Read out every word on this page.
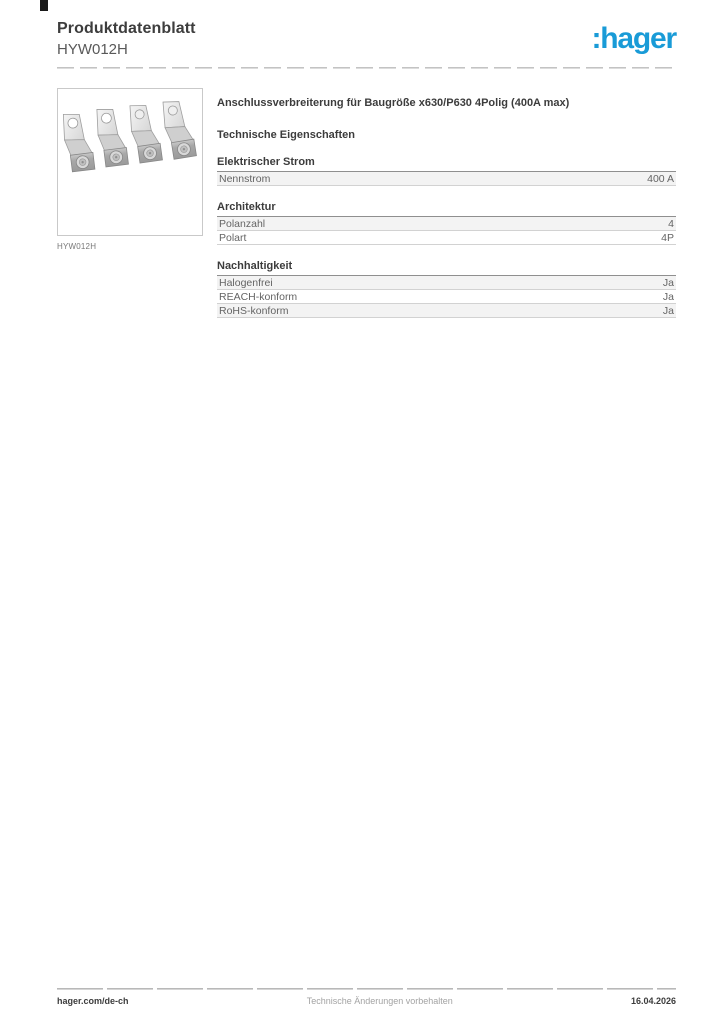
Produktdatenblatt
HYW012H	:hager
HYW012H
Anschlussverbreiterung für Baugröße x630/P630 4Polig (400A max)
Technische Eigenschaften
Elektrischer Strom
Nennstrom	400 A
Architektur
Polanzahl	4
Polart	4P
Nachhaltigkeit
Halogenfrei	Ja
REACH-konform	Ja
RoHS-konform	Ja
hager.com/de-ch	Technische Änderungen vorbehalten	16.04.2026
